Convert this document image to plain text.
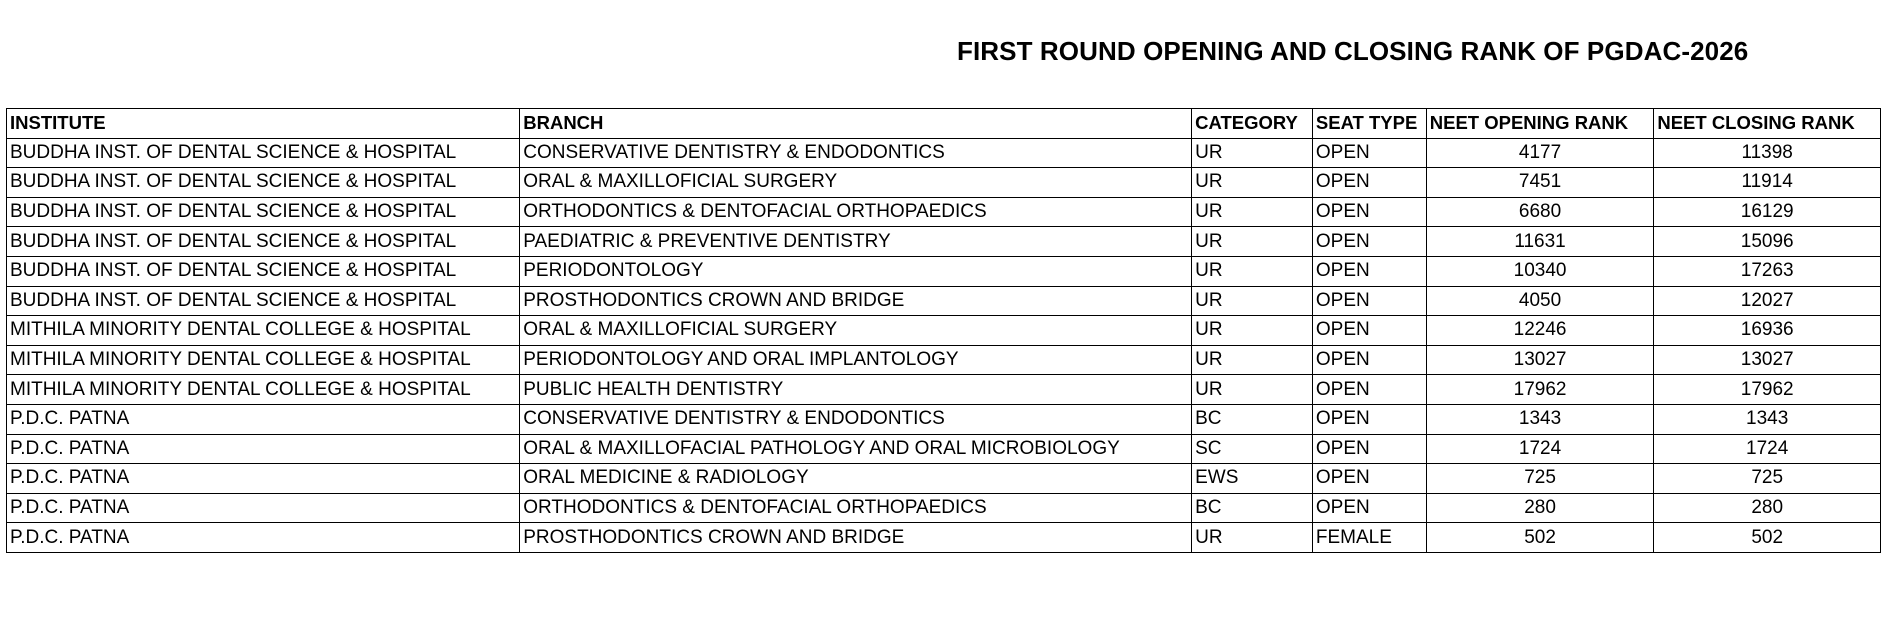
FIRST ROUND OPENING AND CLOSING RANK OF PGDAC-2026
INSTITUTE	BRANCH	CATEGORY	SEAT TYPE	NEET OPENING RANK	NEET CLOSING RANK
BUDDHA INST. OF DENTAL SCIENCE & HOSPITAL	CONSERVATIVE DENTISTRY & ENDODONTICS	UR	OPEN	4177	11398
BUDDHA INST. OF DENTAL SCIENCE & HOSPITAL	ORAL & MAXILLOFICIAL SURGERY	UR	OPEN	7451	11914
BUDDHA INST. OF DENTAL SCIENCE & HOSPITAL	ORTHODONTICS & DENTOFACIAL ORTHOPAEDICS	UR	OPEN	6680	16129
BUDDHA INST. OF DENTAL SCIENCE & HOSPITAL	PAEDIATRIC & PREVENTIVE DENTISTRY	UR	OPEN	11631	15096
BUDDHA INST. OF DENTAL SCIENCE & HOSPITAL	PERIODONTOLOGY	UR	OPEN	10340	17263
BUDDHA INST. OF DENTAL SCIENCE & HOSPITAL	PROSTHODONTICS CROWN AND BRIDGE	UR	OPEN	4050	12027
MITHILA MINORITY DENTAL COLLEGE & HOSPITAL	ORAL & MAXILLOFICIAL SURGERY	UR	OPEN	12246	16936
MITHILA MINORITY DENTAL COLLEGE & HOSPITAL	PERIODONTOLOGY AND ORAL IMPLANTOLOGY	UR	OPEN	13027	13027
MITHILA MINORITY DENTAL COLLEGE & HOSPITAL	PUBLIC HEALTH DENTISTRY	UR	OPEN	17962	17962
P.D.C. PATNA	CONSERVATIVE DENTISTRY & ENDODONTICS	BC	OPEN	1343	1343
P.D.C. PATNA	ORAL & MAXILLOFACIAL PATHOLOGY AND ORAL MICROBIOLOGY	SC	OPEN	1724	1724
P.D.C. PATNA	ORAL MEDICINE & RADIOLOGY	EWS	OPEN	725	725
P.D.C. PATNA	ORTHODONTICS & DENTOFACIAL ORTHOPAEDICS	BC	OPEN	280	280
P.D.C. PATNA	PROSTHODONTICS CROWN AND BRIDGE	UR	FEMALE	502	502
